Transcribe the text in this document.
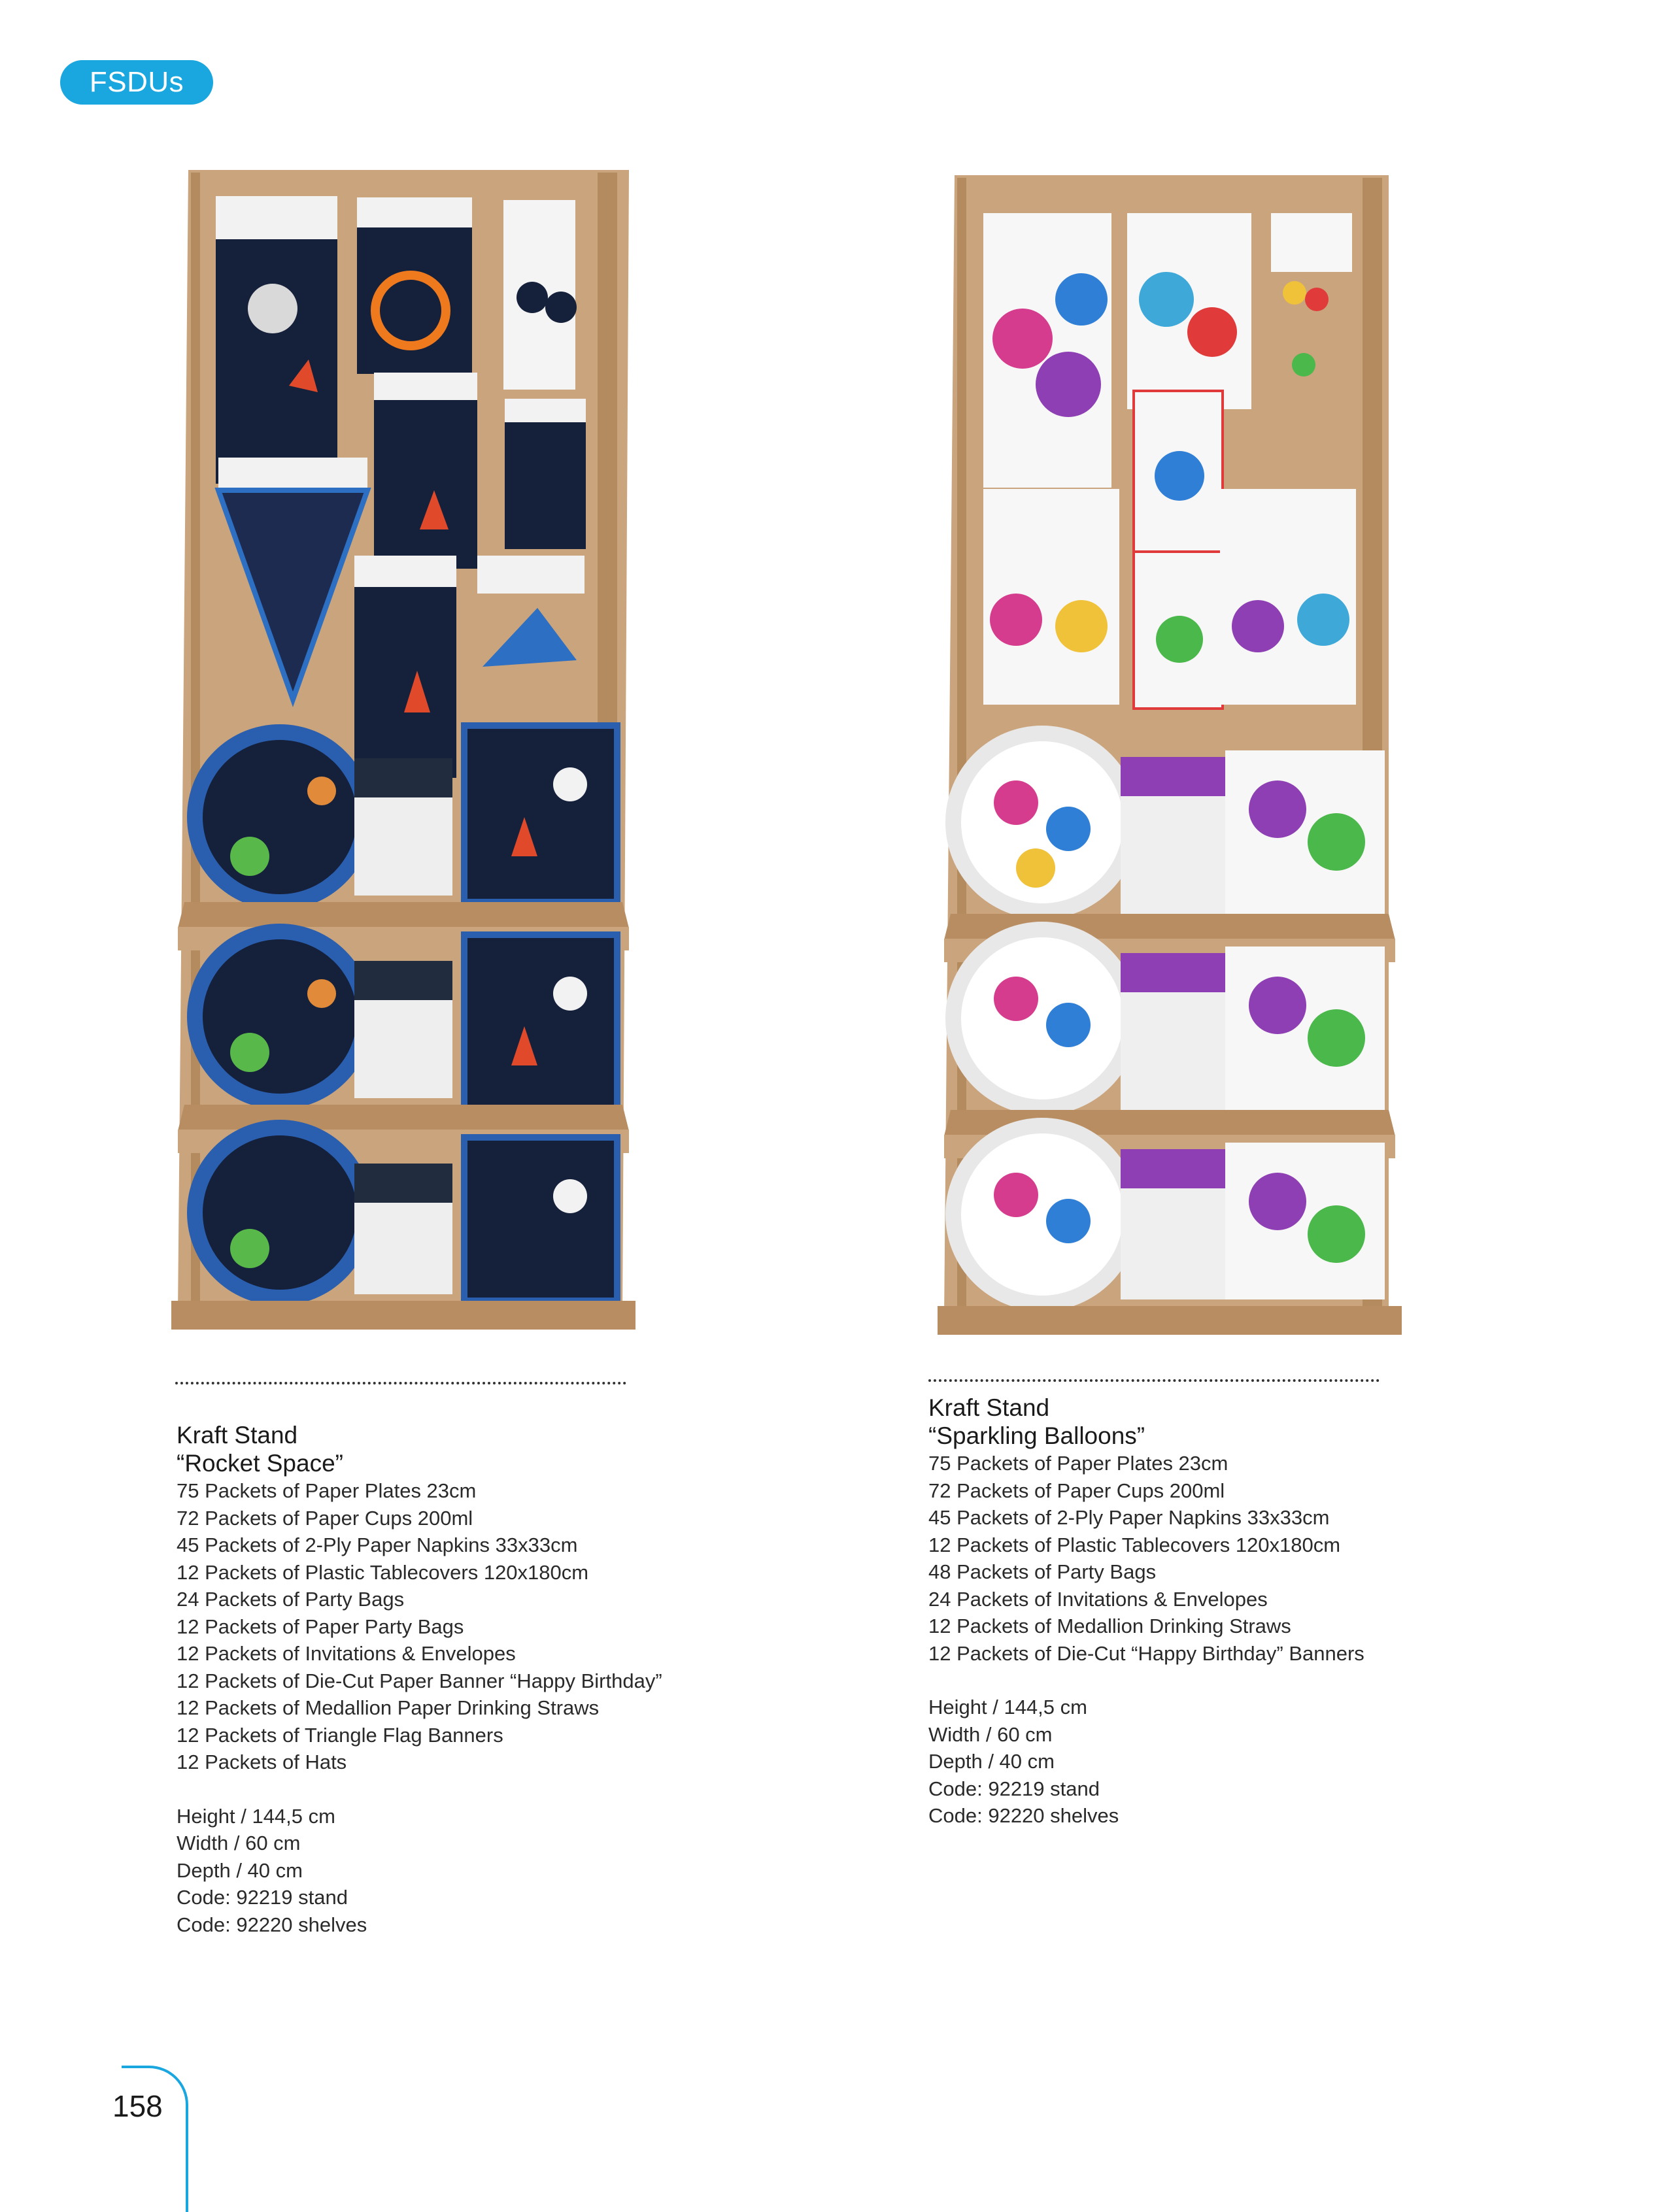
FSDUs
Kraft Stand
“Rocket Space”
75 Packets of Paper Plates 23cm
72 Packets of Paper Cups 200ml
45 Packets of 2-Ply Paper Napkins 33x33cm
12 Packets of Plastic Tablecovers 120x180cm
24 Packets of Party Bags
12 Packets of Paper Party Bags
12 Packets of Invitations & Envelopes
12 Packets of Die-Cut Paper Banner “Happy Birthday”
12 Packets of Medallion Paper Drinking Straws
12 Packets of Triangle Flag Banners
12 Packets of Hats
Height / 144,5 cm
Width / 60 cm
Depth / 40 cm
Code: 92219 stand
Code: 92220 shelves
Kraft Stand
“Sparkling Balloons”
75 Packets of Paper Plates 23cm
72 Packets of Paper Cups 200ml
45 Packets of 2-Ply Paper Napkins 33x33cm
12 Packets of Plastic Tablecovers 120x180cm
48 Packets of Party Bags
24 Packets of Invitations & Envelopes
12 Packets of Medallion Drinking Straws
12 Packets of Die-Cut “Happy Birthday” Banners
Height / 144,5 cm
Width / 60 cm
Depth / 40 cm
Code: 92219 stand
Code: 92220 shelves
158
